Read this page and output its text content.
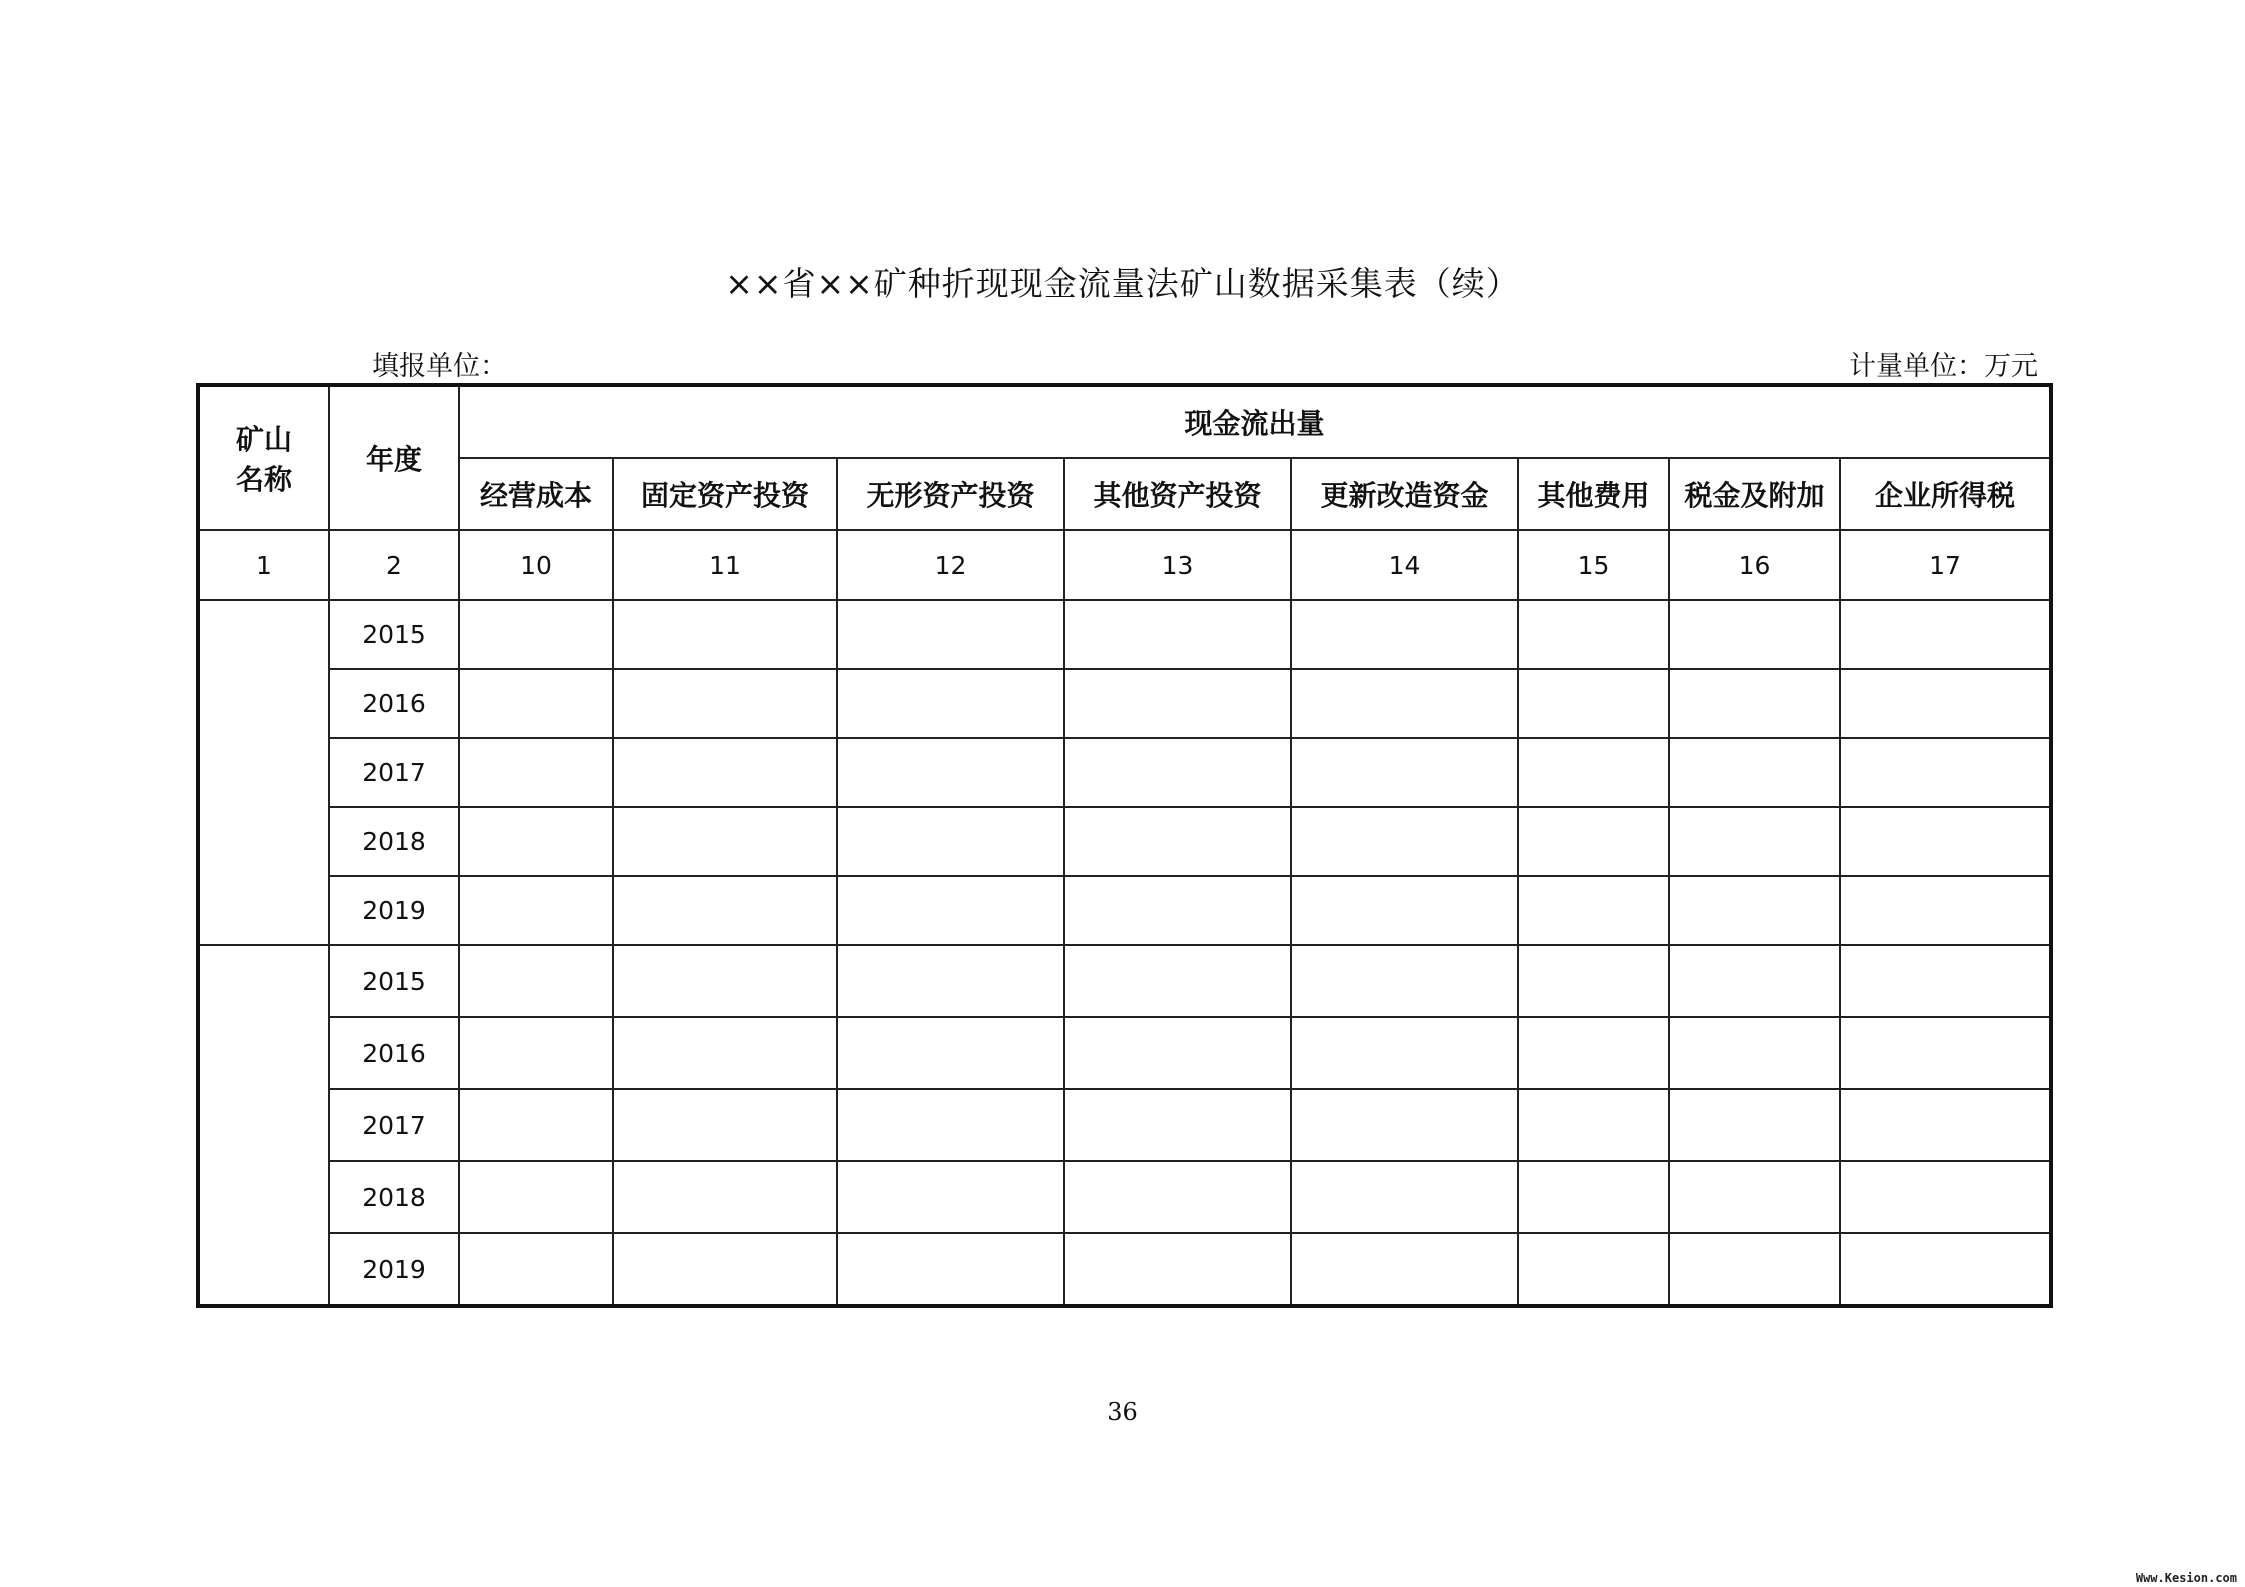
××省××矿种折现现金流量法矿山数据采集表（续）
填报单位：	计量单位：万元
矿山
名称	年度	现金流出量							
		经营成本	固定资产投资	无形资产投资	其他资产投资	更新改造资金	其他费用	税金及附加	企业所得税
1	2	10	11	12	13	14	15	16	17
	2015								
	2016								
	2017								
	2018								
	2019								
	2015								
	2016								
	2017								
	2018								
	2019								
36
Www.Kesion.com
